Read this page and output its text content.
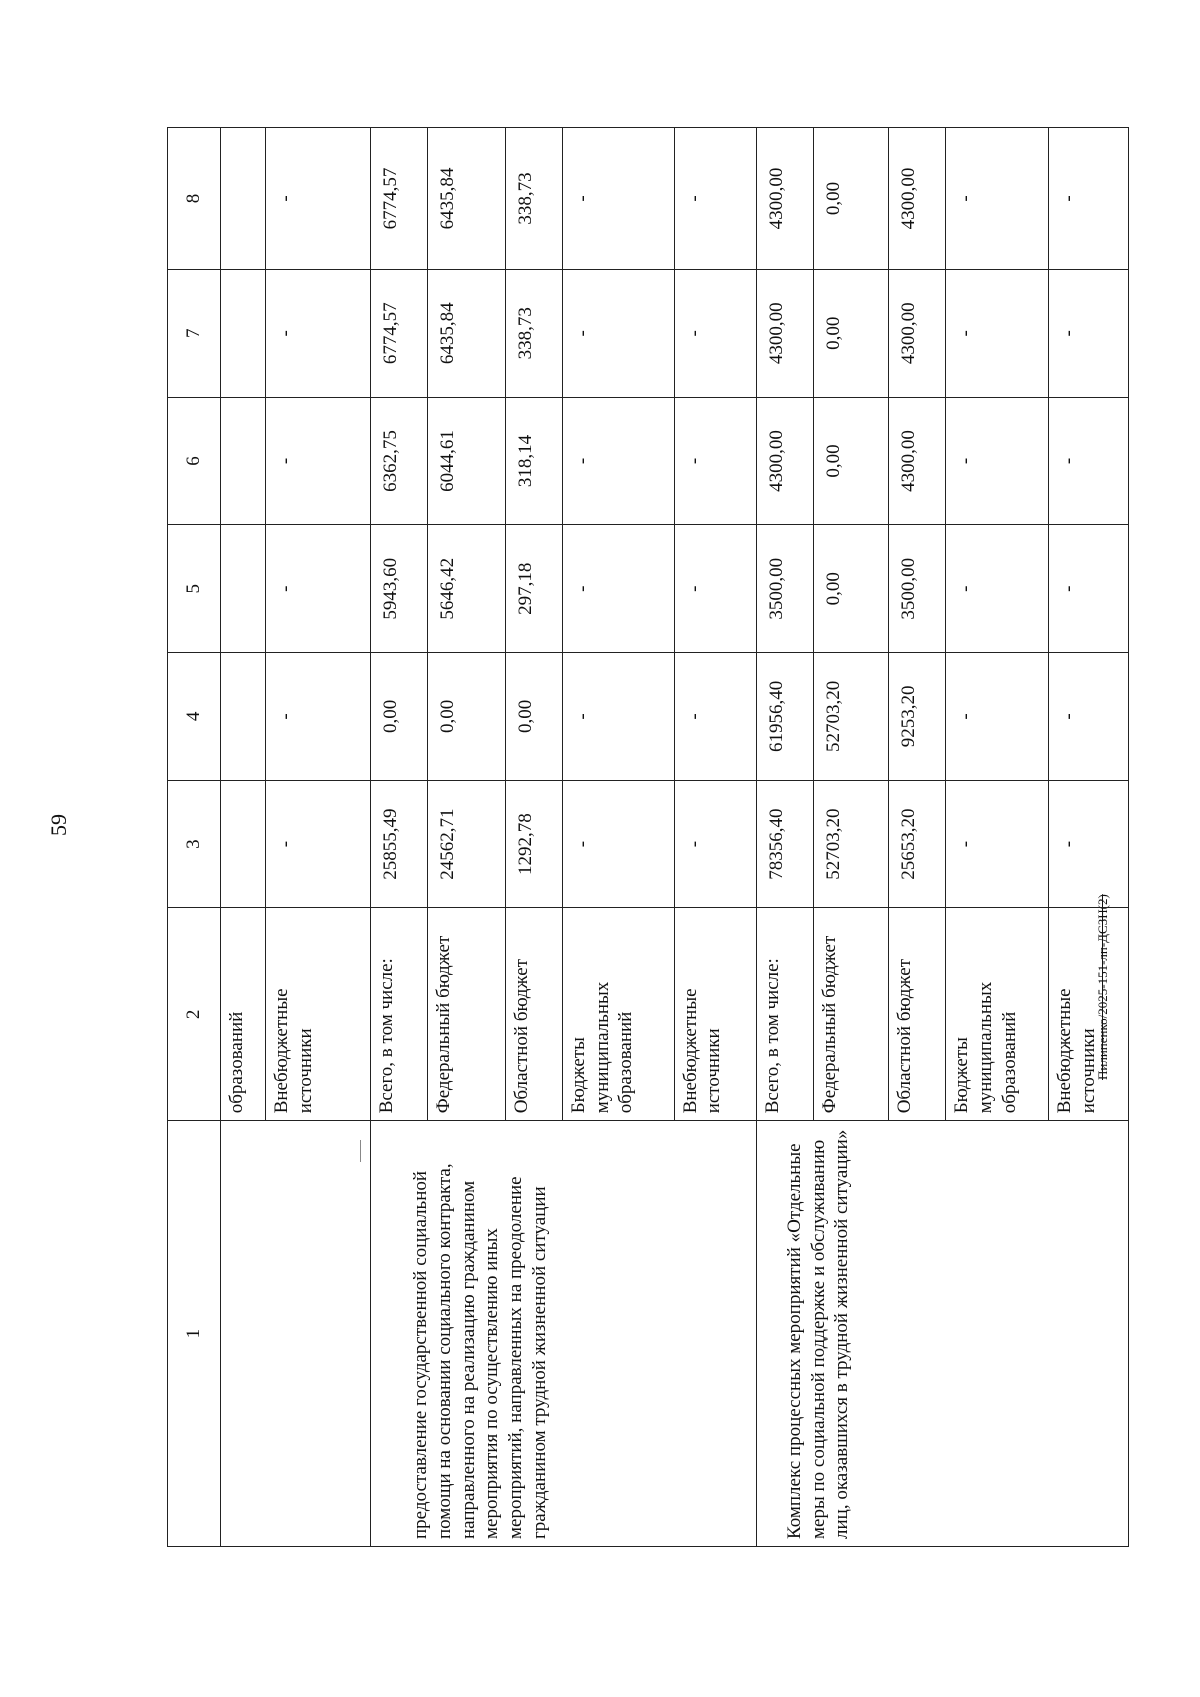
59
Пилипенко/2025-151-лп-ДСЗН(2)
1	2	3	4	5	6	7	8
	образований						
	Внебюджетные источники	-	-	-	-	-	-
предоставление государственной социальной помощи на основании социального контракта, направленного на реализацию гражданином мероприятия по осуществлению иных мероприятий, направленных на преодоление гражданином трудной жизненной ситуации	Всего, в том числе:	25855,49	0,00	5943,60	6362,75	6774,57	6774,57
	Федеральный бюджет	24562,71	0,00	5646,42	6044,61	6435,84	6435,84
	Областной бюджет	1292,78	0,00	297,18	318,14	338,73	338,73
	Бюджеты муниципальных образований	-	-	-	-	-	-
	Внебюджетные источники	-	-	-	-	-	-
Комплекс процессных мероприятий «Отдельные меры по социальной поддержке и обслуживанию лиц, оказавшихся в трудной жизненной ситуации»	Всего, в том числе:	78356,40	61956,40	3500,00	4300,00	4300,00	4300,00
	Федеральный бюджет	52703,20	52703,20	0,00	0,00	0,00	0,00
	Областной бюджет	25653,20	9253,20	3500,00	4300,00	4300,00	4300,00
	Бюджеты муниципальных образований	-	-	-	-	-	-
	Внебюджетные источники	-	-	-	-	-	-
